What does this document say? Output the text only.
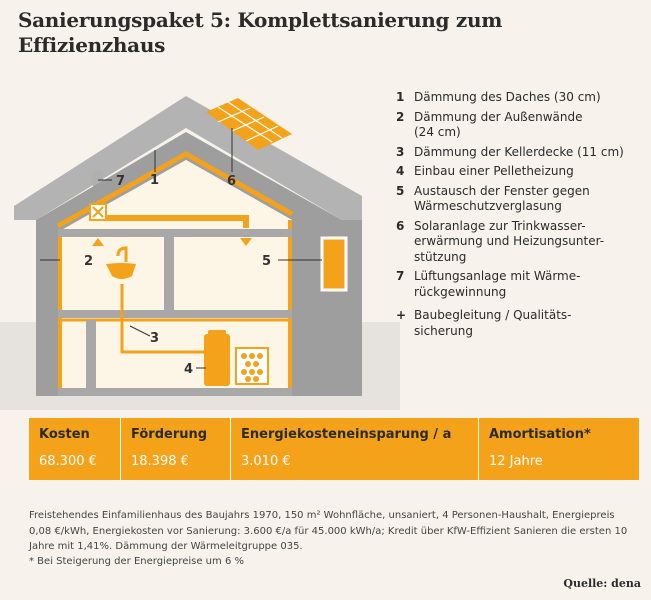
Sanierungspaket 5: Komplettsanierung zum
Effizienzhaus
1
2
3
4
5
6
7
1 Dämmung des Daches (30 cm)
2 Dämmung der Außenwände
(24 cm)
3 Dämmung der Kellerdecke (11 cm)
4 Einbau einer Pelletheizung
5 Austausch der Fenster gegen
Wärmeschutzverglasung
6 Solaranlage zur Trinkwasser-
erwärmung und Heizungsunter-
stützung
7 Lüftungsanlage mit Wärme-
rückgewinnung
+ Baubegleitung / Qualitäts-
sicherung
Kosten
68.300 €
Förderung
18.398 €
Energiekosteneinsparung / a
3.010 €
Amortisation*
12 Jahre
Freistehendes Einfamilienhaus des Baujahrs 1970, 150 m² Wohnfläche, unsaniert, 4 Personen-Haushalt, Energiepreis 0,08 €/kWh, Energiekosten vor Sanierung: 3.600 €/a für 45.000 kWh/a; Kredit über KfW-Effizient Sanieren die ersten 10 Jahre mit 1,41%. Dämmung der Wärmeleitgruppe 035.
* Bei Steigerung der Energiepreise um 6 %
Quelle: dena
